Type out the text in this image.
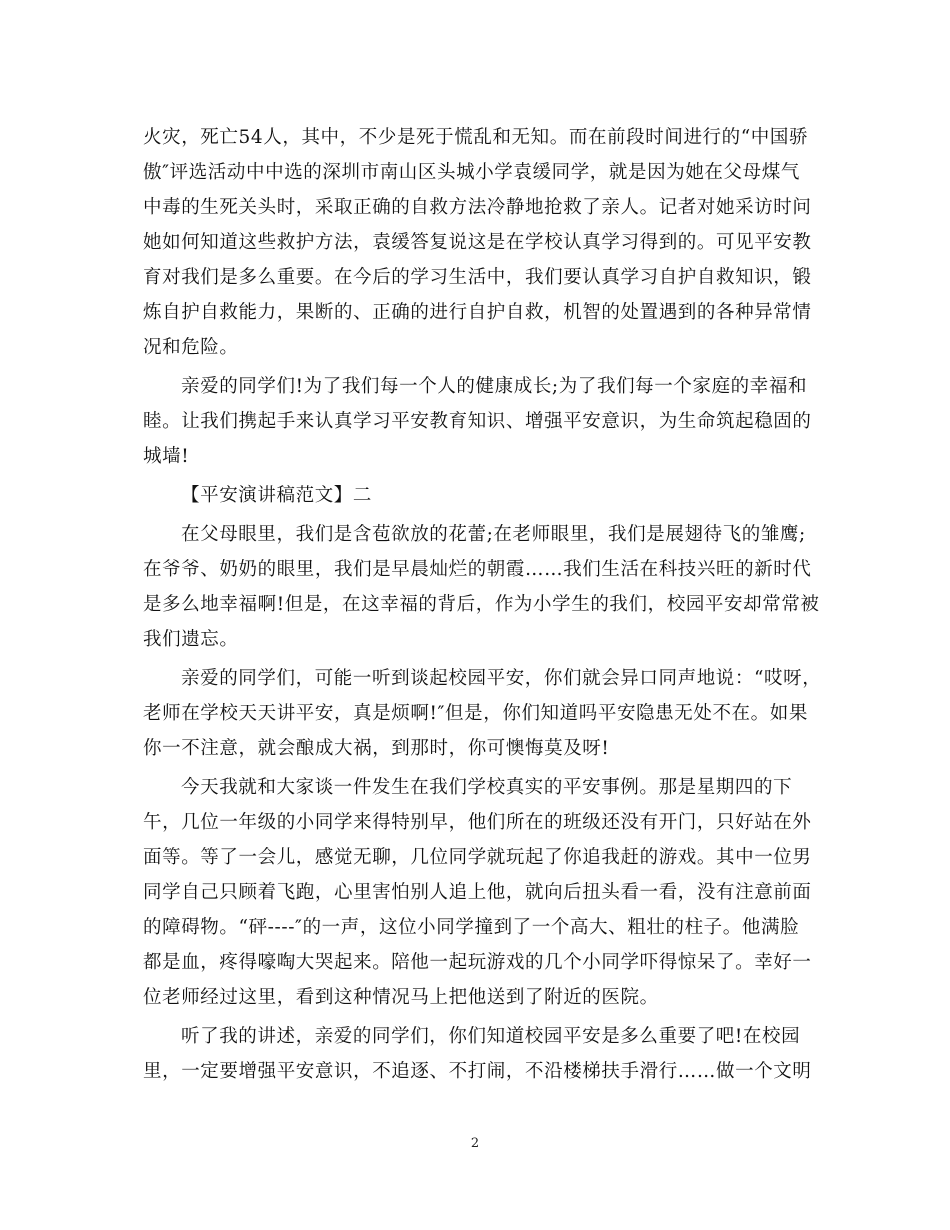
火灾，死亡54人，其中，不少是死于慌乱和无知。而在前段时间进行的“中国骄
傲″评选活动中中选的深圳市南山区头城小学袁缓同学，就是因为她在父母煤气
中毒的生死关头时，采取正确的自救方法冷静地抢救了亲人。记者对她采访时问
她如何知道这些救护方法，袁缓答复说这是在学校认真学习得到的。可见平安教
育对我们是多么重要。在今后的学习生活中，我们要认真学习自护自救知识，锻
炼自护自救能力，果断的、正确的进行自护自救，机智的处置遇到的各种异常情
况和危险。
亲爱的同学们!为了我们每一个人的健康成长;为了我们每一个家庭的幸福和
睦。让我们携起手来认真学习平安教育知识、增强平安意识，为生命筑起稳固的
城墙!
【平安演讲稿范文】二
在父母眼里，我们是含苞欲放的花蕾;在老师眼里，我们是展翅待飞的雏鹰;
在爷爷、奶奶的眼里，我们是早晨灿烂的朝霞……我们生活在科技兴旺的新时代
是多么地幸福啊!但是，在这幸福的背后，作为小学生的我们，校园平安却常常被
我们遗忘。
亲爱的同学们，可能一听到谈起校园平安，你们就会异口同声地说：“哎呀，
老师在学校天天讲平安，真是烦啊!″但是，你们知道吗平安隐患无处不在。如果
你一不注意，就会酿成大祸，到那时，你可懊悔莫及呀!
今天我就和大家谈一件发生在我们学校真实的平安事例。那是星期四的下
午，几位一年级的小同学来得特别早，他们所在的班级还没有开门，只好站在外
面等。等了一会儿，感觉无聊，几位同学就玩起了你追我赶的游戏。其中一位男
同学自己只顾着飞跑，心里害怕别人追上他，就向后扭头看一看，没有注意前面
的障碍物。“砰----″的一声，这位小同学撞到了一个高大、粗壮的柱子。他满脸
都是血，疼得嚎啕大哭起来。陪他一起玩游戏的几个小同学吓得惊呆了。幸好一
位老师经过这里，看到这种情况马上把他送到了附近的医院。
听了我的讲述，亲爱的同学们，你们知道校园平安是多么重要了吧!在校园
里，一定要增强平安意识，不追逐、不打闹，不沿楼梯扶手滑行……做一个文明
2
